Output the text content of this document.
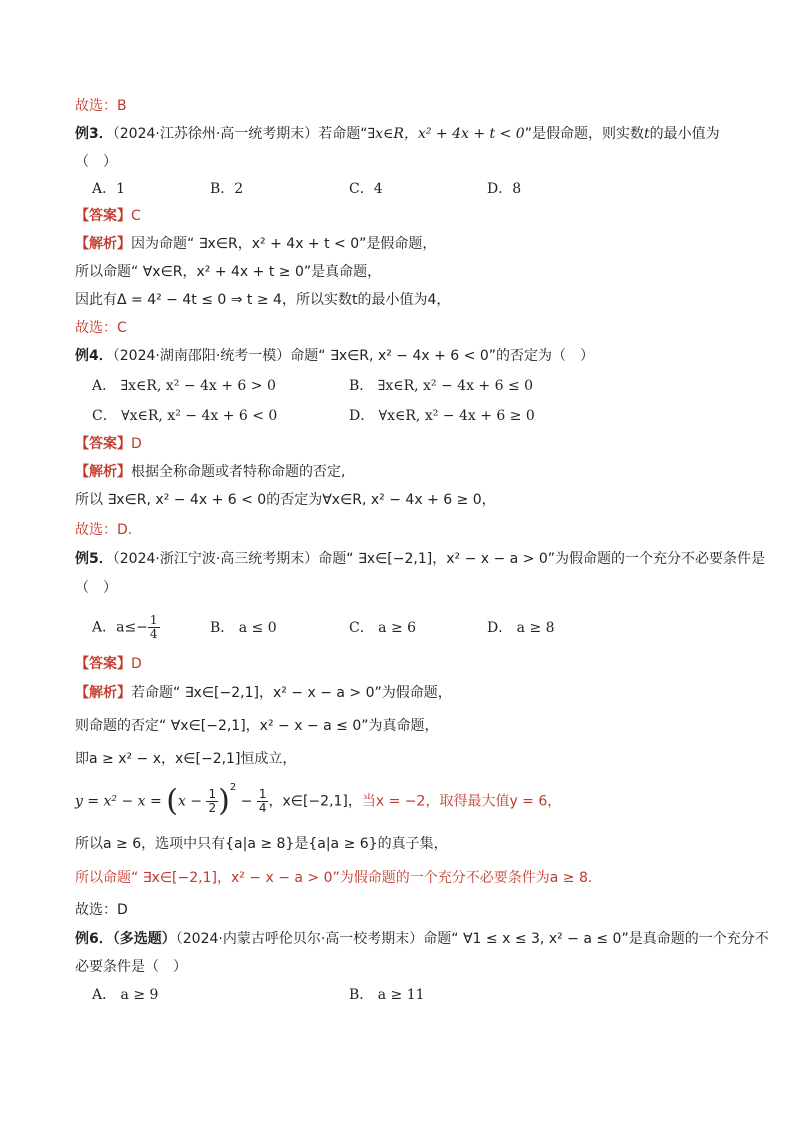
故选：B
例3．（2024·江苏徐州·高一统考期末）若命题“∃x∈R，x² + 4x + t < 0”是假命题，则实数t的最小值为
（　）
A．1	B．2	C．4	D．8
【答案】C
【解析】因为命题“ ∃x∈R，x² + 4x + t < 0”是假命题，
所以命题“ ∀x∈R，x² + 4x + t ≥ 0”是真命题，
因此有Δ = 4² − 4t ≤ 0 ⇒ t ≥ 4，所以实数t的最小值为4，
故选：C
例4．（2024·湖南邵阳·统考一模）命题“ ∃x∈R, x² − 4x + 6 < 0”的否定为（　）
A． ∃x∈R, x² − 4x + 6 > 0	B． ∃x∈R, x² − 4x + 6 ≤ 0
C． ∀x∈R, x² − 4x + 6 < 0	D． ∀x∈R, x² − 4x + 6 ≥ 0
【答案】D
【解析】根据全称命题或者特称命题的否定,
所以 ∃x∈R, x² − 4x + 6 < 0的否定为∀x∈R, x² − 4x + 6 ≥ 0，
故选：D.
例5．（2024·浙江宁波·高三统考期末）命题“ ∃x∈[−2,1]，x² − x − a > 0”为假命题的一个充分不必要条件是
（　）
A．$a\le- \frac{1}{4}$	B． a ≤ 0	C． a ≥ 6	D． a ≥ 8
【答案】D
【解析】若命题“ ∃x∈[−2,1]，x² − x − a > 0”为假命题，
则命题的否定“ ∀x∈[−2,1]，x² − x − a ≤ 0”为真命题，
即a ≥ x² − x，x∈[−2,1]恒成立，
$y = x^2 - x = (x - \frac{1}{2} )^2 - \frac{1}{4}$ ，x∈[−2,1]，当x = −2，取得最大值y = 6，
所以a ≥ 6，选项中只有{a|a ≥ 8}是{a|a ≥ 6}的真子集，
所以命题“ ∃x∈[−2,1]，x² − x − a > 0”为假命题的一个充分不必要条件为a ≥ 8.
故选：D
例6．（多选题）（2024·内蒙古呼伦贝尔·高一校考期末）命题“ ∀1 ≤ x ≤ 3, x² − a ≤ 0”是真命题的一个充分不
必要条件是（　）
A． a ≥ 9	B． a ≥ 11
